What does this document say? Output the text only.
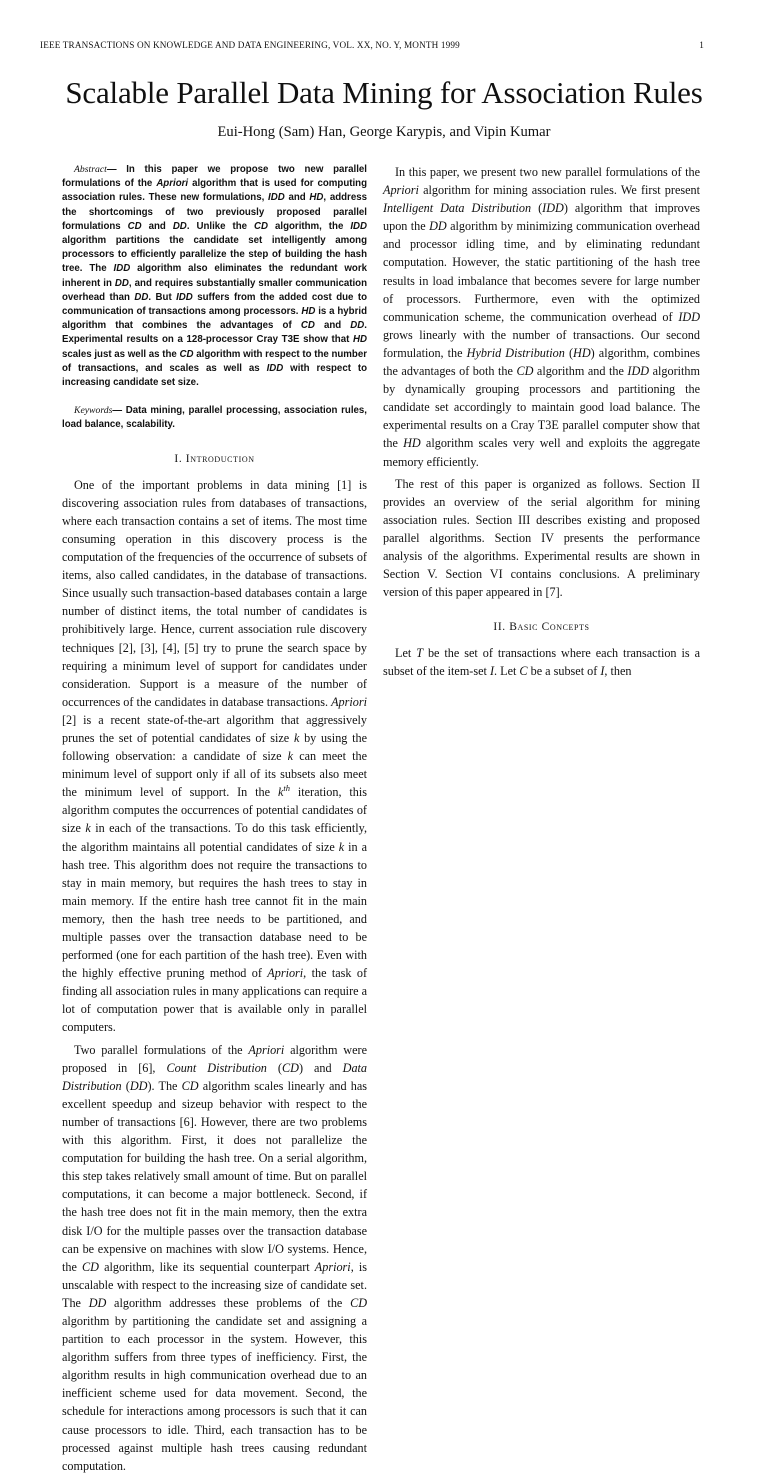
IEEE TRANSACTIONS ON KNOWLEDGE AND DATA ENGINEERING, VOL. XX, NO. Y, MONTH 1999	1
Scalable Parallel Data Mining for Association Rules
Eui-Hong (Sam) Han, George Karypis, and Vipin Kumar

Abstract— In this paper we propose two new parallel formulations of the Apriori algorithm that is used for computing association rules. These new formulations, IDD and HD, address the shortcomings of two previously proposed parallel formulations CD and DD. Unlike the CD algorithm, the IDD algorithm partitions the candidate set intelligently among processors to efficiently parallelize the step of building the hash tree. The IDD algorithm also eliminates the redundant work inherent in DD, and requires substantially smaller communication overhead than DD. But IDD suffers from the added cost due to communication of transactions among processors. HD is a hybrid algorithm that combines the advantages of CD and DD. Experimental results on a 128-processor Cray T3E show that HD scales just as well as the CD algorithm with respect to the number of transactions, and scales as well as IDD with respect to increasing candidate set size.

Keywords— Data mining, parallel processing, association rules, load balance, scalability.

I. Introduction

One of the important problems in data mining [1] is discovering association rules from databases of transactions, where each transaction contains a set of items. The most time consuming operation in this discovery process is the computation of the frequencies of the occurrence of subsets of items, also called candidates, in the database of transactions. Since usually such transaction-based databases contain a large number of distinct items, the total number of candidates is prohibitively large. Hence, current association rule discovery techniques [2], [3], [4], [5] try to prune the search space by requiring a minimum level of support for candidates under consideration. Support is a measure of the number of occurrences of the candidates in database transactions. Apriori [2] is a recent state-of-the-art algorithm that aggressively prunes the set of potential candidates of size k by using the following observation: a candidate of size k can meet the minimum level of support only if all of its subsets also meet the minimum level of support. In the $k^{th}$ iteration, this algorithm computes the occurrences of potential candidates of size k in each of the transactions. To do this task efficiently, the algorithm maintains all potential candidates of size k in a hash tree. This algorithm does not require the transactions to stay in main memory, but requires the hash trees to stay in main memory. If the entire hash tree cannot fit in the main memory, then the hash tree needs to be partitioned, and multiple passes over the transaction database need to be performed (one for each partition of the hash tree). Even with the highly effective pruning method of Apriori, the task of finding all association rules in many applications can require a lot of computation power that is available only in parallel computers.

Two parallel formulations of the Apriori algorithm were proposed in [6], Count Distribution (CD) and Data Distribution (DD). The CD algorithm scales linearly and has excellent speedup and sizeup behavior with respect to the number of transactions [6]. However, there are two problems with this algorithm. First, it does not parallelize the computation for building the hash tree. On a serial algorithm, this step takes relatively small amount of time. But on parallel computations, it can become a major bottleneck. Second, if the hash tree does not fit in the main memory, then the extra disk I/O for the multiple passes over the transaction database can be expensive on machines with slow I/O systems. Hence, the CD algorithm, like its sequential counterpart Apriori, is unscalable with respect to the increasing size of candidate set. The DD algorithm addresses these problems of the CD algorithm by partitioning the candidate set and assigning a partition to each processor in the system. However, this algorithm suffers from three types of inefficiency. First, the algorithm results in high communication overhead due to an inefficient scheme used for data movement. Second, the schedule for interactions among processors is such that it can cause processors to idle. Third, each transaction has to be processed against multiple hash trees causing redundant computation.

In this paper, we present two new parallel formulations of the Apriori algorithm for mining association rules. We first present Intelligent Data Distribution (IDD) algorithm that improves upon the DD algorithm by minimizing communication overhead and processor idling time, and by eliminating redundant computation. However, the static partitioning of the hash tree results in load imbalance that becomes severe for large number of processors. Furthermore, even with the optimized communication scheme, the communication overhead of IDD grows linearly with the number of transactions. Our second formulation, the Hybrid Distribution (HD) algorithm, combines the advantages of both the CD algorithm and the IDD algorithm by dynamically grouping processors and partitioning the candidate set accordingly to maintain good load balance. The experimental results on a Cray T3E parallel computer show that the HD algorithm scales very well and exploits the aggregate memory efficiently.

The rest of this paper is organized as follows. Section II provides an overview of the serial algorithm for mining association rules. Section III describes existing and proposed parallel algorithms. Section IV presents the performance analysis of the algorithms. Experimental results are shown in Section V. Section VI contains conclusions. A preliminary version of this paper appeared in [7].

II. Basic Concepts

Let T be the set of transactions where each transaction is a subset of the item-set I. Let C be a subset of I, then
